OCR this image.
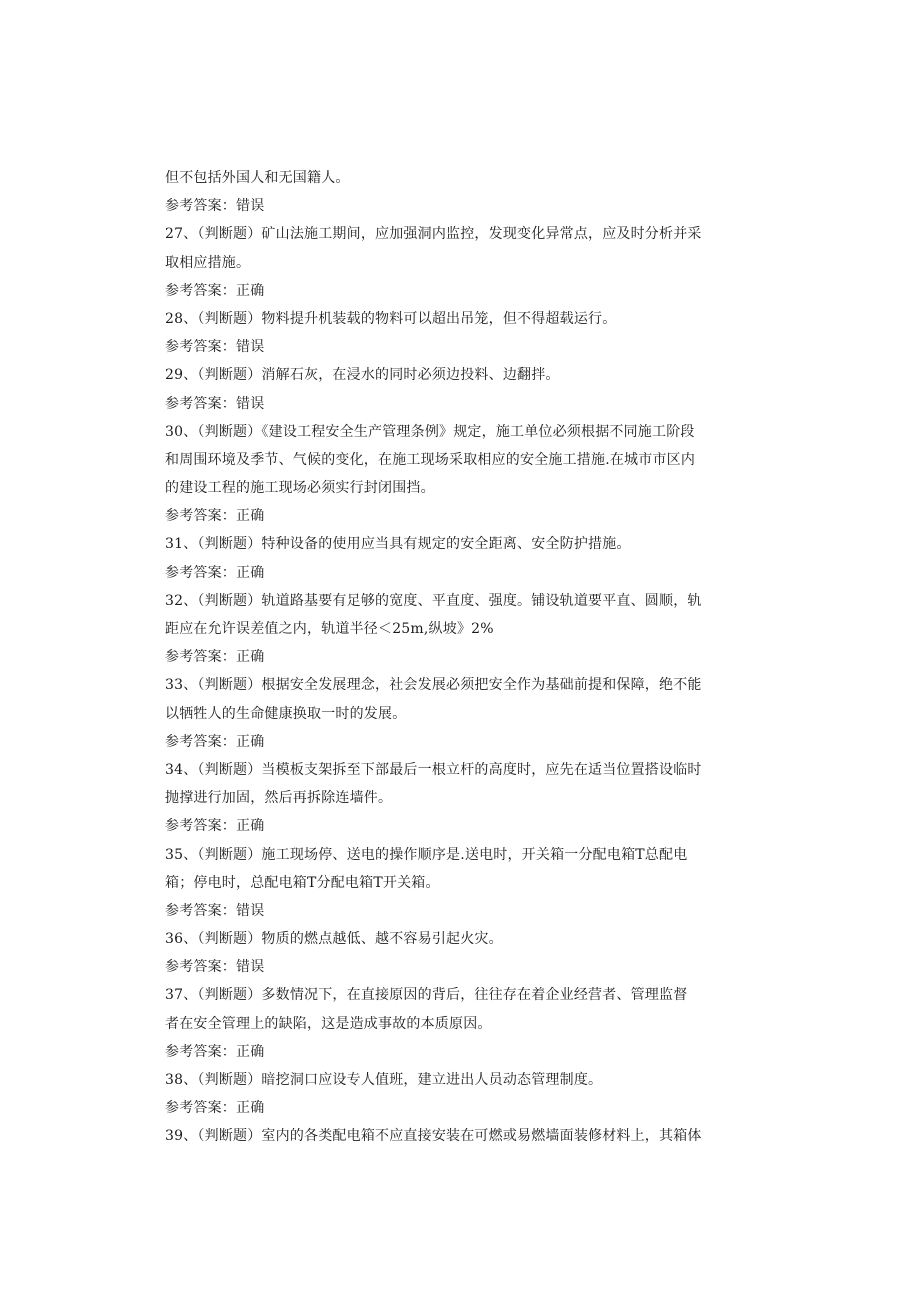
但不包括外国人和无国籍人。
参考答案：错误
27、（判断题）矿山法施工期间，应加强洞内监控，发现变化异常点，应及时分析并采
取相应措施。
参考答案：正确
28、（判断题）物料提升机装载的物料可以超出吊笼，但不得超载运行。
参考答案：错误
29、（判断题）消解石灰，在浸水的同时必须边投料、边翻拌。
参考答案：错误
30、（判断题）《建设工程安全生产管理条例》规定，施工单位必须根据不同施工阶段
和周围环境及季节、气候的变化，在施工现场采取相应的安全施工措施.在城市市区内
的建设工程的施工现场必须实行封闭围挡。
参考答案：正确
31、（判断题）特种设备的使用应当具有规定的安全距离、安全防护措施。
参考答案：正确
32、（判断题）轨道路基要有足够的宽度、平直度、强度。铺设轨道要平直、圆顺，轨
距应在允许误差值之内，轨道半径＜25m,纵坡》2%
参考答案：正确
33、（判断题）根据安全发展理念，社会发展必须把安全作为基础前提和保障，绝不能
以牺牲人的生命健康换取一时的发展。
参考答案：正确
34、（判断题）当模板支架拆至下部最后一根立杆的高度时，应先在适当位置搭设临时
抛撑进行加固，然后再拆除连墙件。
参考答案：正确
35、（判断题）施工现场停、送电的操作顺序是.送电时，开关箱一分配电箱T总配电
箱；停电时，总配电箱T分配电箱T开关箱。
参考答案：错误
36、（判断题）物质的燃点越低、越不容易引起火灾。
参考答案：错误
37、（判断题）多数情况下，在直接原因的背后，往往存在着企业经营者、管理监督
者在安全管理上的缺陷，这是造成事故的本质原因。
参考答案：正确
38、（判断题）暗挖洞口应设专人值班，建立进出人员动态管理制度。
参考答案：正确
39、（判断题）室内的各类配电箱不应直接安装在可燃或易燃墙面装修材料上，其箱体
